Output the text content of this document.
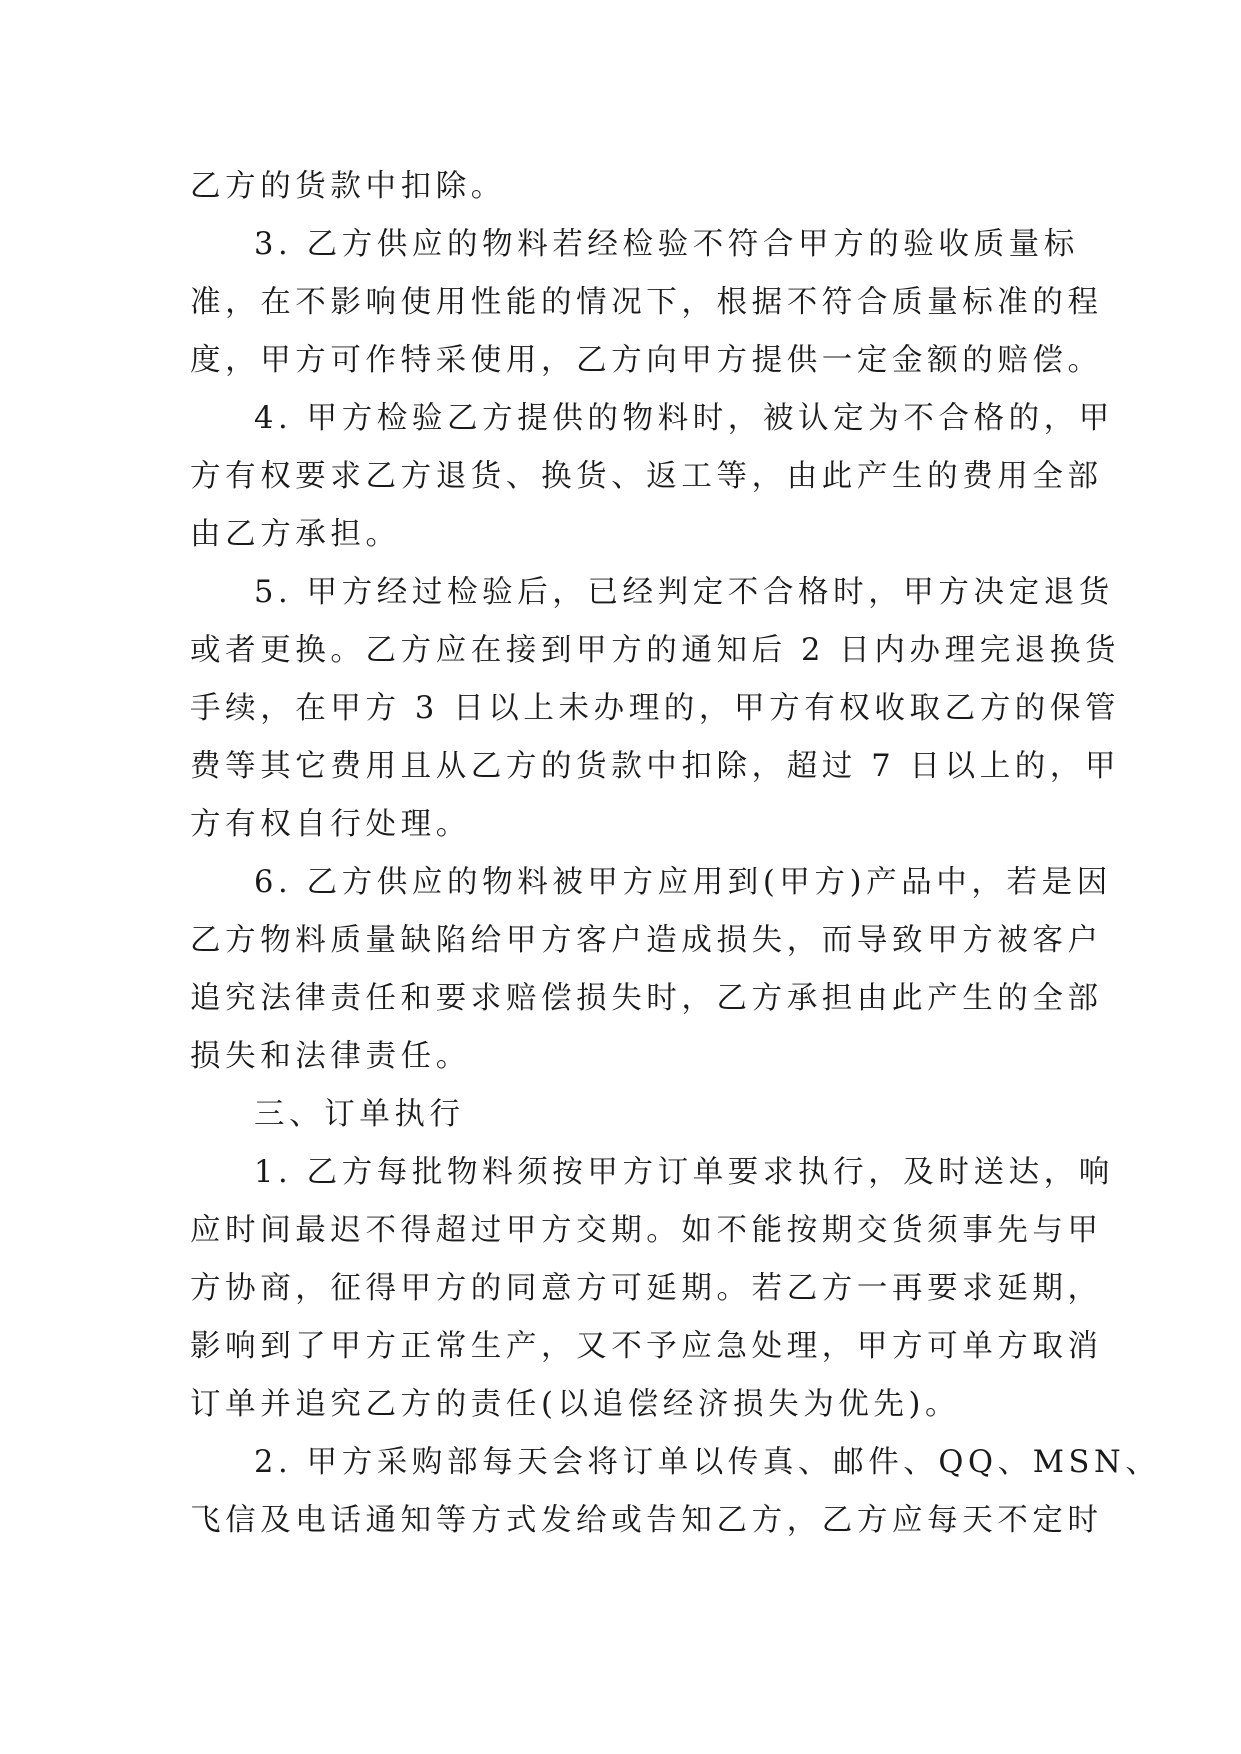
乙方的货款中扣除。
3. 乙方供应的物料若经检验不符合甲方的验收质量标
准，在不影响使用性能的情况下，根据不符合质量标准的程
度，甲方可作特采使用，乙方向甲方提供一定金额的赔偿。
4. 甲方检验乙方提供的物料时，被认定为不合格的，甲
方有权要求乙方退货、换货、返工等，由此产生的费用全部
由乙方承担。
5. 甲方经过检验后，已经判定不合格时，甲方决定退货
或者更换。乙方应在接到甲方的通知后 2 日内办理完退换货
手续，在甲方 3 日以上未办理的，甲方有权收取乙方的保管
费等其它费用且从乙方的货款中扣除，超过 7 日以上的，甲
方有权自行处理。
6. 乙方供应的物料被甲方应用到(甲方)产品中，若是因
乙方物料质量缺陷给甲方客户造成损失，而导致甲方被客户
追究法律责任和要求赔偿损失时，乙方承担由此产生的全部
损失和法律责任。
三、订单执行
1. 乙方每批物料须按甲方订单要求执行，及时送达，响
应时间最迟不得超过甲方交期。如不能按期交货须事先与甲
方协商，征得甲方的同意方可延期。若乙方一再要求延期，
影响到了甲方正常生产，又不予应急处理，甲方可单方取消
订单并追究乙方的责任(以追偿经济损失为优先)。
2. 甲方采购部每天会将订单以传真、邮件、QQ、MSN、
飞信及电话通知等方式发给或告知乙方，乙方应每天不定时
